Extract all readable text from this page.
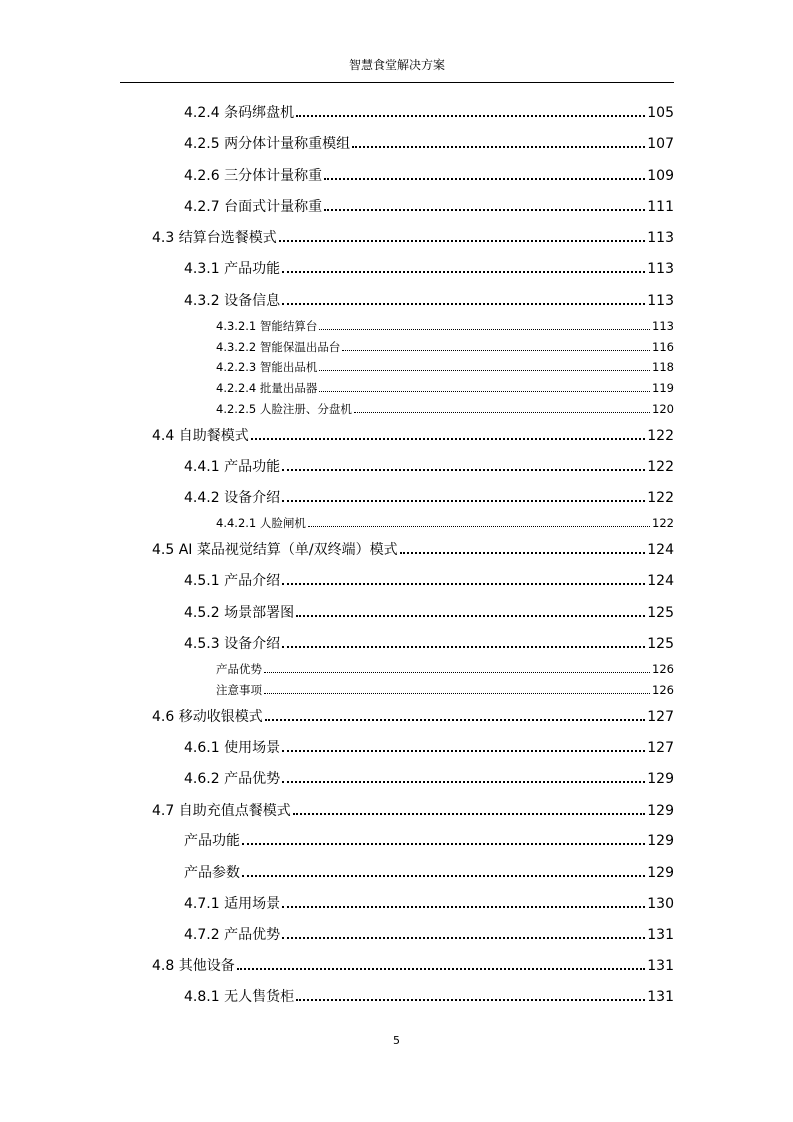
智慧食堂解决方案
4.2.4 条码绑盘机	105
4.2.5 两分体计量称重模组	107
4.2.6 三分体计量称重	109
4.2.7 台面式计量称重	111
4.3 结算台选餐模式	113
4.3.1 产品功能	113
4.3.2 设备信息	113
4.3.2.1 智能结算台	113
4.3.2.2 智能保温出品台	116
4.2.2.3 智能出品机	118
4.2.2.4 批量出品器	119
4.2.2.5 人脸注册、分盘机	120
4.4 自助餐模式	122
4.4.1 产品功能	122
4.4.2 设备介绍	122
4.4.2.1 人脸闸机	122
4.5 AI 菜品视觉结算（单/双终端）模式	124
4.5.1 产品介绍	124
4.5.2 场景部署图	125
4.5.3 设备介绍	125
产品优势	126
注意事项	126
4.6 移动收银模式	127
4.6.1 使用场景	127
4.6.2 产品优势	129
4.7 自助充值点餐模式	129
产品功能	129
产品参数	129
4.7.1 适用场景	130
4.7.2 产品优势	131
4.8 其他设备	131
4.8.1 无人售货柜	131
5
